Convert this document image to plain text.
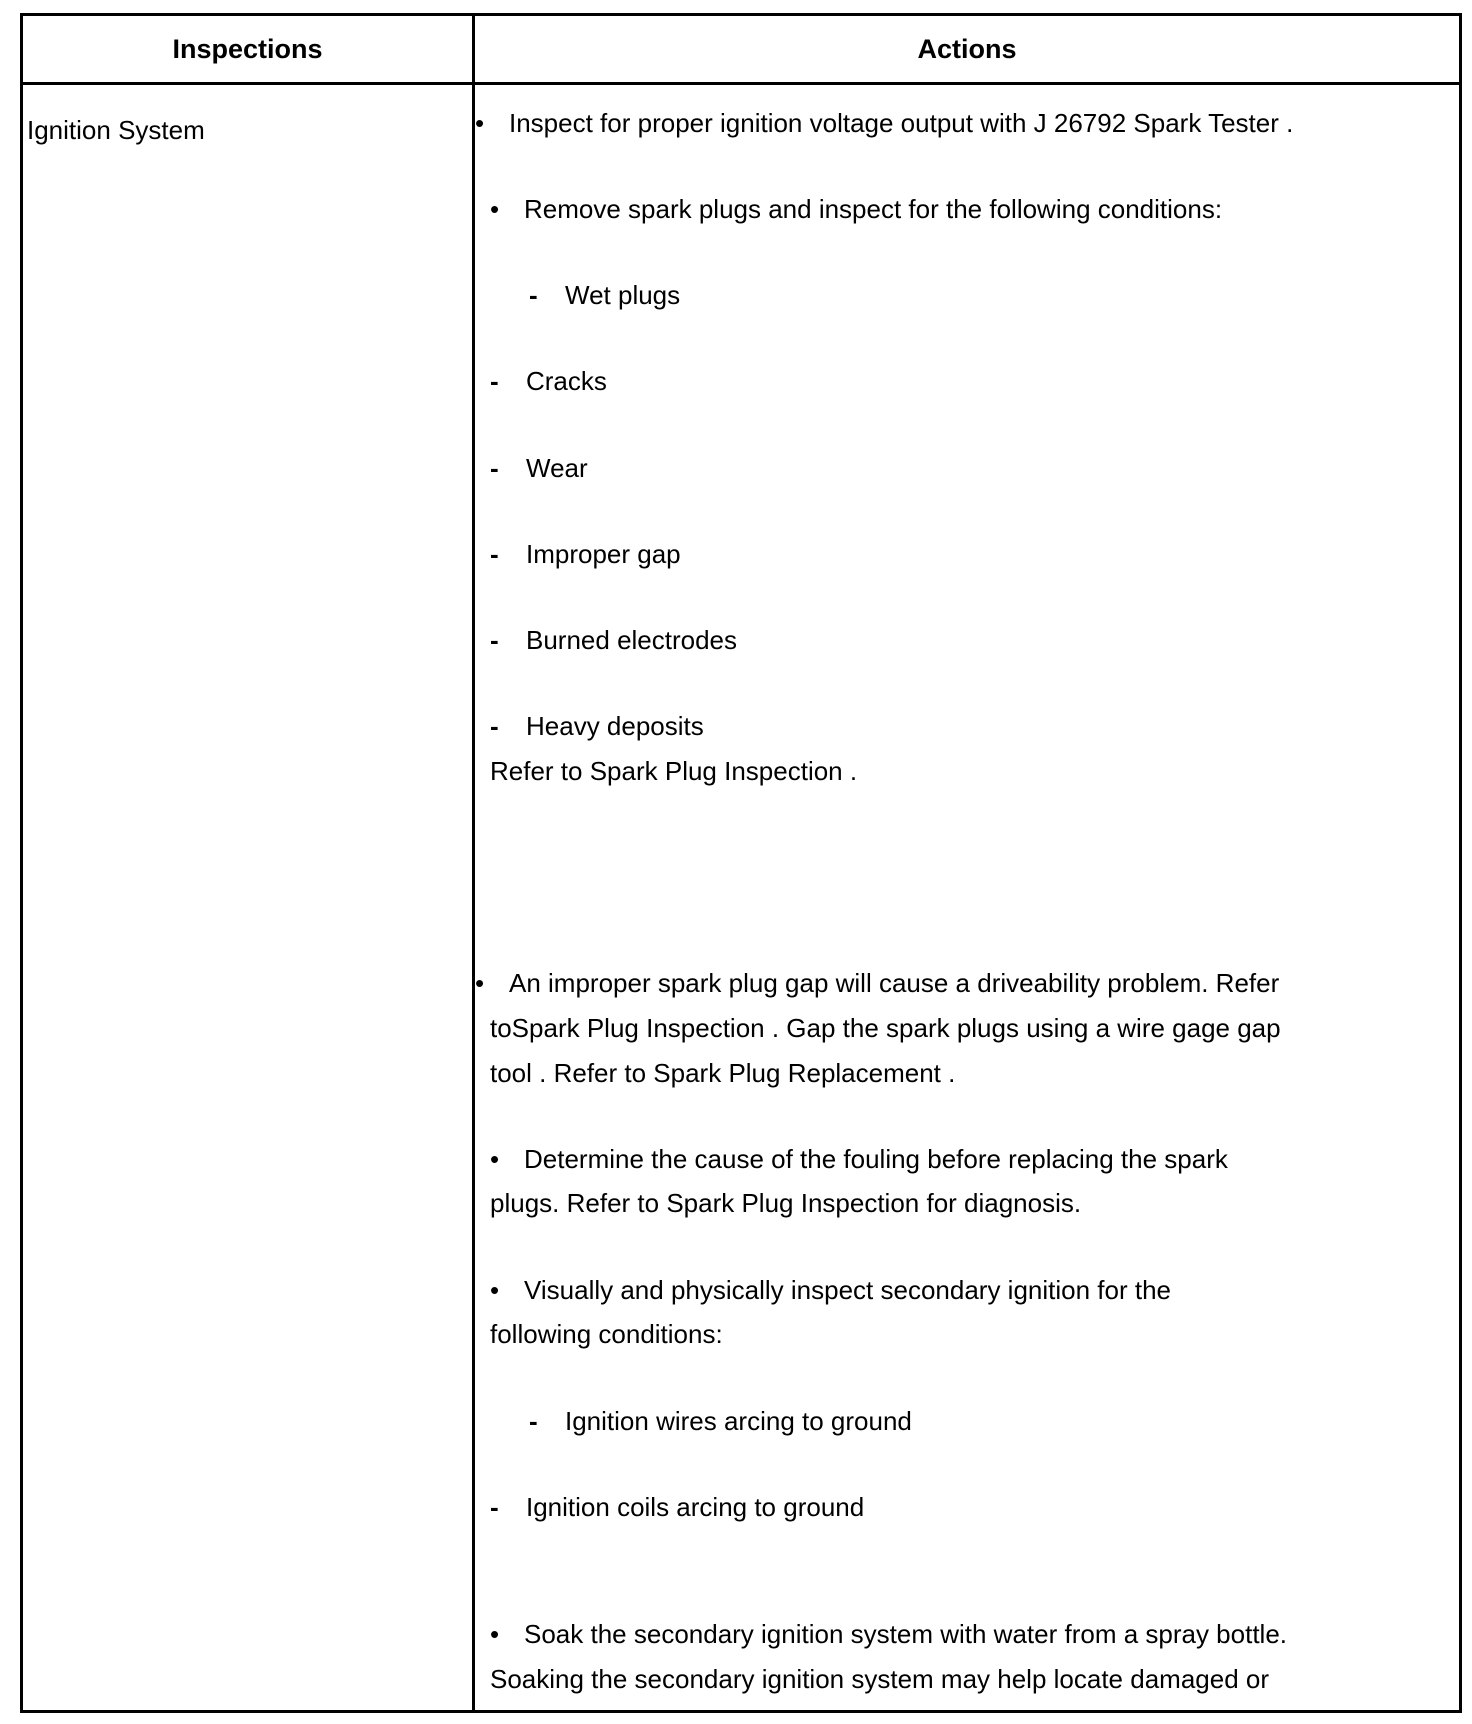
Inspections	Actions
Ignition System	• Inspect for proper ignition voltage output with J 26792 Spark Tester .
• Remove spark plugs and inspect for the following conditions:
- Wet plugs
- Cracks
- Wear
- Improper gap
- Burned electrodes
- Heavy deposits
Refer to Spark Plug Inspection .
• An improper spark plug gap will cause a driveability problem. Refer
toSpark Plug Inspection . Gap the spark plugs using a wire gage gap
tool . Refer to Spark Plug Replacement .
• Determine the cause of the fouling before replacing the spark
plugs. Refer to Spark Plug Inspection for diagnosis.
• Visually and physically inspect secondary ignition for the
following conditions:
- Ignition wires arcing to ground
- Ignition coils arcing to ground
• Soak the secondary ignition system with water from a spray bottle.
Soaking the secondary ignition system may help locate damaged or
